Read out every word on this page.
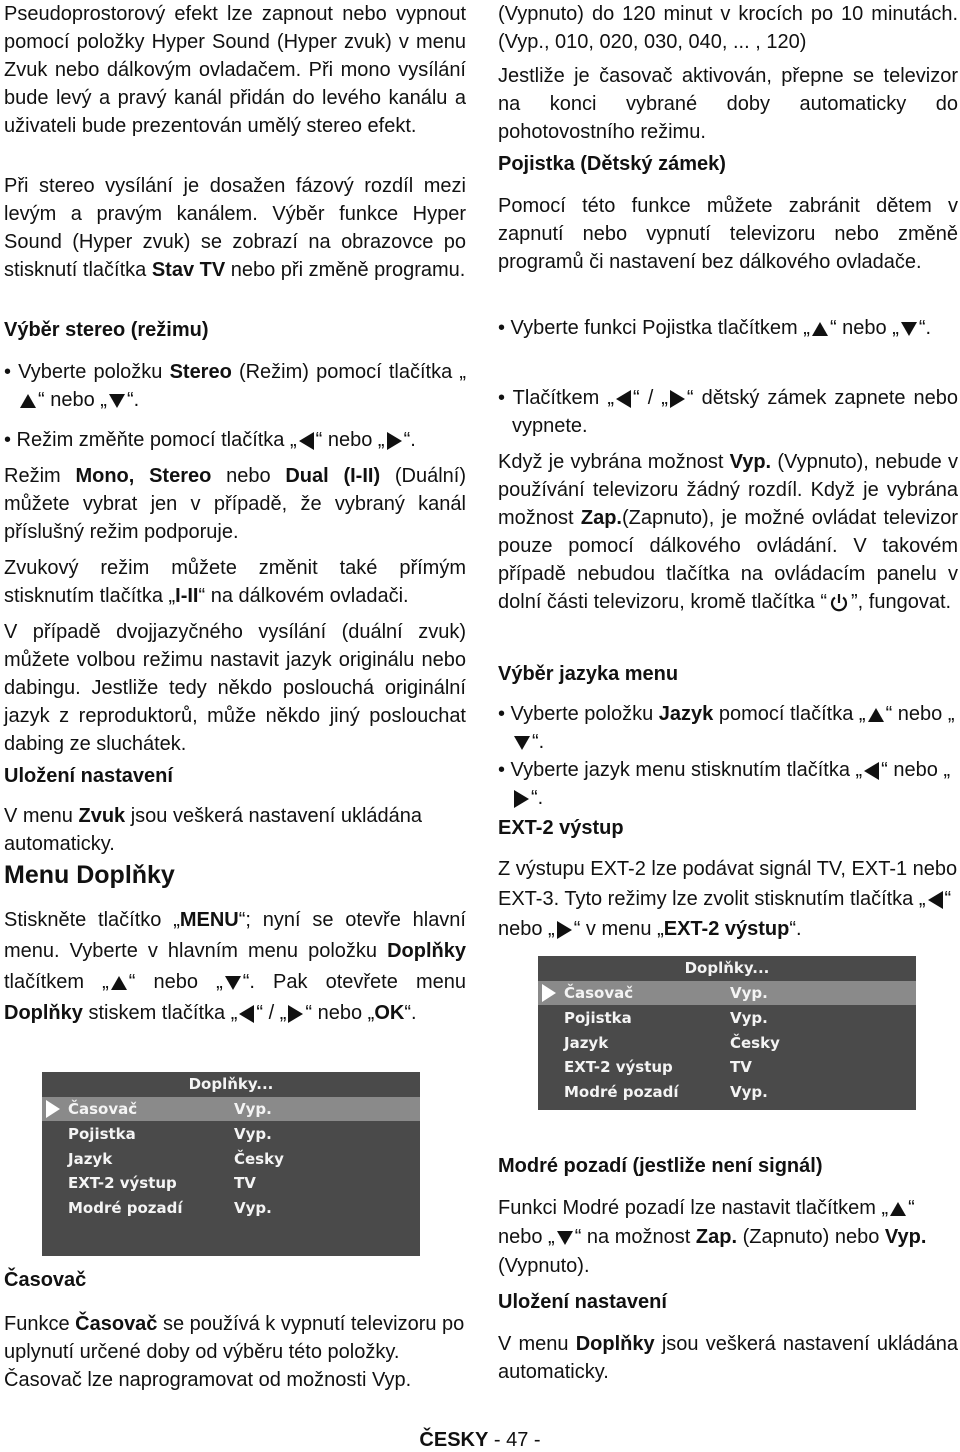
Pseudoprostorový efekt lze zapnout nebo vypnout pomocí položky Hyper Sound (Hyper zvuk) v menu Zvuk nebo dálkovým ovladačem. Při mono vysílání bude levý a pravý kanál přidán do levého kanálu a uživateli bude prezentován umělý stereo efekt.

Při stereo vysílání je dosažen fázový rozdíl mezi levým a pravým kanálem. Výběr funkce Hyper Sound (Hyper zvuk) se zobrazí na obrazovce po stisknutí tlačítka Stav TV nebo při změně programu.

Výběr stereo (režimu)

• Vyberte položku Stereo (Režim) pomocí tlačítka „“ nebo „ “.

• Režim změňte pomocí tlačítka „ “ nebo „ “.

Režim Mono, Stereo nebo Dual (I-II) (Duální) můžete vybrat jen v případě, že vybraný kanál příslušný režim podporuje.

Zvukový režim můžete změnit také přímým stisknutím tlačítka „I-II“ na dálkovém ovladači.

V případě dvojjazyčného vysílání (duální zvuk) můžete volbou režimu nastavit jazyk originálu nebo dabingu. Jestliže tedy někdo poslouchá originální jazyk z reproduktorů, může někdo jiný poslouchat dabing ze sluchátek.

Uložení nastavení

V menu Zvuk jsou veškerá nastavení ukládána automaticky.

Menu Doplňky

Stiskněte tlačítko „MENU“; nyní se otevře hlavní menu. Vyberte v hlavním menu položku Doplňky tlačítkem „ “ nebo „ “. Pak otevřete menu Doplňky stiskem tlačítka „ “ / „ “ nebo „OK“.

Časovač

Funkce Časovač se používá k vypnutí televizoru po uplynutí určené doby od výběru této položky. Časovač lze naprogramovat od možnosti Vyp.

Doplňky...
Časovač	Vyp.
Pojistka	Vyp.
Jazyk	Česky
EXT-2 výstup	TV
Modré pozadí	Vyp.

(Vypnuto) do 120 minut v krocích po 10 minutách. (Vyp., 010, 020, 030, 040, ... , 120)

Jestliže je časovač aktivován, přepne se televizor na konci vybrané doby automaticky do pohotovostního režimu.

Pojistka (Dětský zámek)

Pomocí této funkce můžete zabránit dětem v zapnutí nebo vypnutí televizoru nebo změně programů či nastavení bez dálkového ovladače.

• Vyberte funkci Pojistka tlačítkem „ “ nebo „ “.

• Tlačítkem „ “ / „ “ dětský zámek zapnete nebo vypnete.

Když je vybrána možnost Vyp. (Vypnuto), nebude v používání televizoru žádný rozdíl. Když je vybrána možnost Zap.(Zapnuto), je možné ovládat televizor pouze pomocí dálkového ovládání. V takovém případě nebudou tlačítka na ovládacím panelu v dolní části televizoru, kromě tlačítka “ ”, fungovat.

Výběr jazyka menu

• Vyberte položku Jazyk pomocí tlačítka „ “ nebo „“.

• Vyberte jazyk menu stisknutím tlačítka „ “ nebo „“.

EXT-2 výstup

Z výstupu EXT-2 lze podávat signál TV, EXT-1 nebo EXT-3. Tyto režimy lze zvolit stisknutím tlačítka „ “ nebo „ “ v menu „EXT-2 výstup“.

Modré pozadí (jestliže není signál)

Funkci Modré pozadí lze nastavit tlačítkem „ “ nebo „ “ na možnost Zap. (Zapnuto) nebo Vyp. (Vypnuto).

Uložení nastavení

V menu Doplňky jsou veškerá nastavení ukládána automaticky.

Doplňky...
Časovač	Vyp.
Pojistka	Vyp.
Jazyk	Česky
EXT-2 výstup	TV
Modré pozadí	Vyp.
ČESKY - 47 -
